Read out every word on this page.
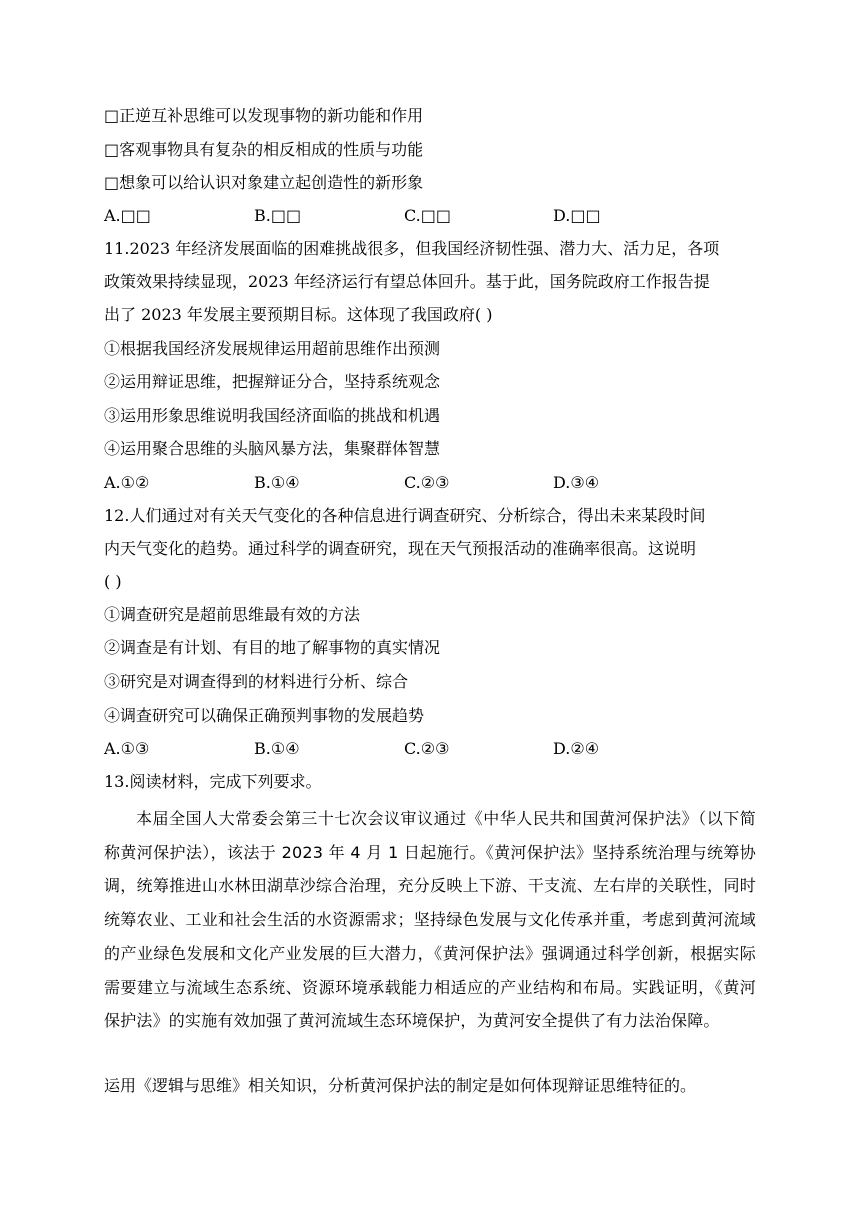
□正逆互补思维可以发现事物的新功能和作用
□客观事物具有复杂的相反相成的性质与功能
□想象可以给认识对象建立起创造性的新形象
A.□□	B.□□	C.□□	D.□□
11.2023 年经济发展面临的困难挑战很多，但我国经济韧性强、潜力大、活力足，各项
政策效果持续显现，2023 年经济运行有望总体回升。基于此，国务院政府工作报告提
出了 2023 年发展主要预期目标。这体现了我国政府( )
①根据我国经济发展规律运用超前思维作出预测
②运用辩证思维，把握辩证分合，坚持系统观念
③运用形象思维说明我国经济面临的挑战和机遇
④运用聚合思维的头脑风暴方法，集聚群体智慧
A.①②	B.①④	C.②③	D.③④
12.人们通过对有关天气变化的各种信息进行调查研究、分析综合，得出未来某段时间
内天气变化的趋势。通过科学的调查研究，现在天气预报活动的准确率很高。这说明
( )
①调查研究是超前思维最有效的方法
②调查是有计划、有目的地了解事物的真实情况
③研究是对调查得到的材料进行分析、综合
④调查研究可以确保正确预判事物的发展趋势
A.①③	B.①④	C.②③	D.②④
13.阅读材料，完成下列要求。
本届全国人大常委会第三十七次会议审议通过《中华人民共和国黄河保护法》（以下简称黄河保护法），该法于 2023 年 4 月 1 日起施行。《黄河保护法》坚持系统治理与统筹协调，统筹推进山水林田湖草沙综合治理，充分反映上下游、干支流、左右岸的关联性，同时统筹农业、工业和社会生活的水资源需求；坚持绿色发展与文化传承并重，考虑到黄河流域的产业绿色发展和文化产业发展的巨大潜力，《黄河保护法》强调通过科学创新，根据实际需要建立与流域生态系统、资源环境承载能力相适应的产业结构和布局。实践证明，《黄河保护法》的实施有效加强了黄河流域生态环境保护，为黄河安全提供了有力法治保障。
运用《逻辑与思维》相关知识，分析黄河保护法的制定是如何体现辩证思维特征的。
